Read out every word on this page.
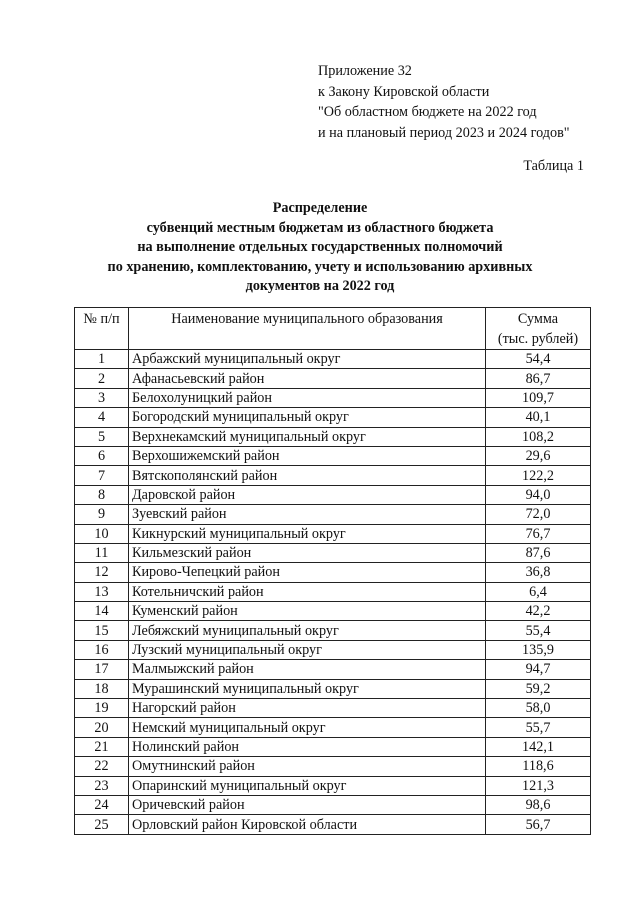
Приложение 32
к Закону Кировской области
"Об областном бюджете на 2022 год
и на плановый период 2023 и 2024 годов"
Таблица 1
Распределение
субвенций местным бюджетам из областного бюджета
на выполнение отдельных государственных полномочий
по хранению, комплектованию, учету и использованию архивных
документов на 2022 год
№ п/п	Наименование муниципального образования	Сумма
(тыс. рублей)

1	Арбажский муниципальный округ	54,4
2	Афанасьевский район	86,7
3	Белохолуницкий район	109,7
4	Богородский муниципальный округ	40,1
5	Верхнекамский муниципальный округ	108,2
6	Верхошижемский район	29,6
7	Вятскополянский район	122,2
8	Даровской район	94,0
9	Зуевский район	72,0
10	Кикнурский муниципальный округ	76,7
11	Кильмезский район	87,6
12	Кирово-Чепецкий район	36,8
13	Котельничский район	6,4
14	Куменский район	42,2
15	Лебяжский муниципальный округ	55,4
16	Лузский муниципальный округ	135,9
17	Малмыжский район	94,7
18	Мурашинский муниципальный округ	59,2
19	Нагорский район	58,0
20	Немский муниципальный округ	55,7
21	Нолинский район	142,1
22	Омутнинский район	118,6
23	Опаринский муниципальный округ	121,3
24	Оричевский район	98,6
25	Орловский район Кировской области	56,7
